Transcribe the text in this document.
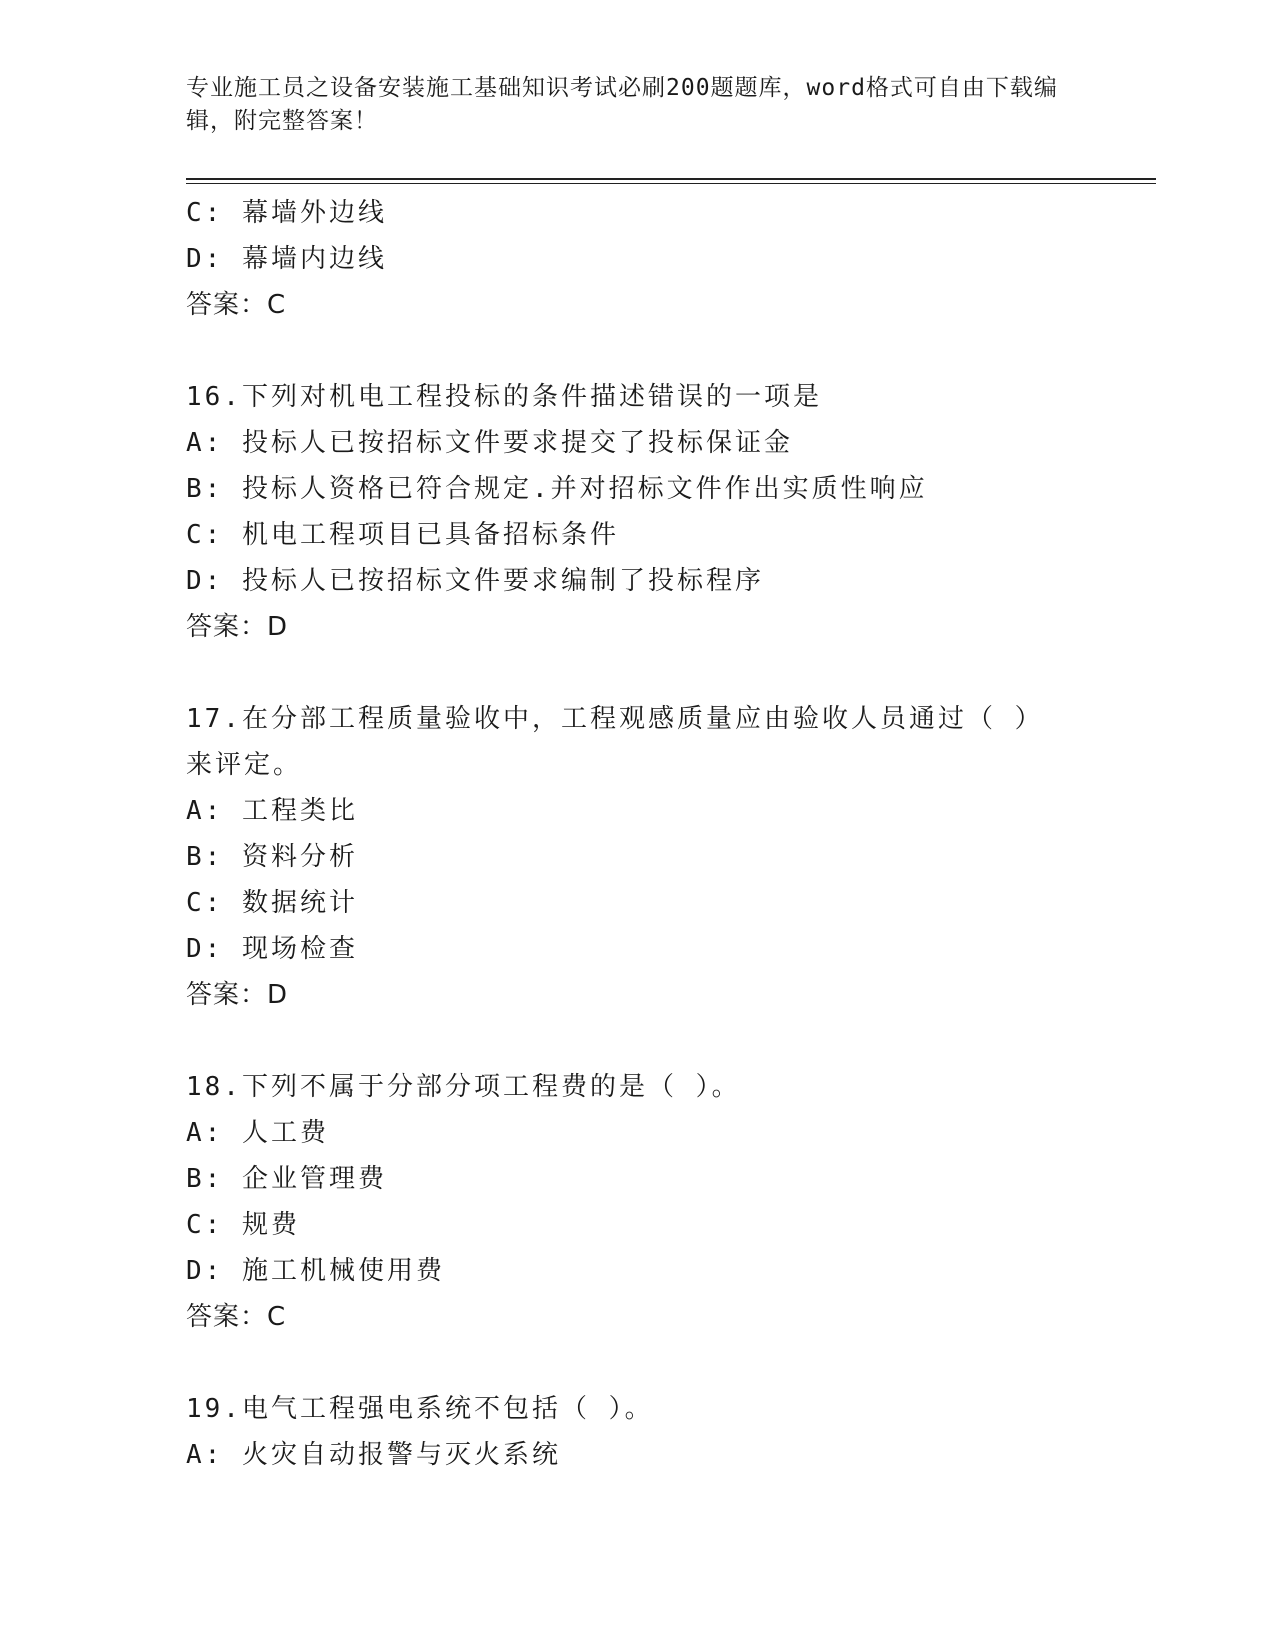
专业施工员之设备安装施工基础知识考试必刷200题题库，word格式可自由下载编辑，附完整答案！
C: 幕墙外边线
D: 幕墙内边线
答案：C
16.下列对机电工程投标的条件描述错误的一项是
A: 投标人已按招标文件要求提交了投标保证金
B: 投标人资格已符合规定.并对招标文件作出实质性响应
C: 机电工程项目已具备招标条件
D: 投标人已按招标文件要求编制了投标程序
答案：D
17.在分部工程质量验收中，工程观感质量应由验收人员通过（ ）来评定。
A: 工程类比
B: 资料分析
C: 数据统计
D: 现场检查
答案：D
18.下列不属于分部分项工程费的是（ ）。
A: 人工费
B: 企业管理费
C: 规费
D: 施工机械使用费
答案：C
19.电气工程强电系统不包括（ ）。
A: 火灾自动报警与灭火系统
